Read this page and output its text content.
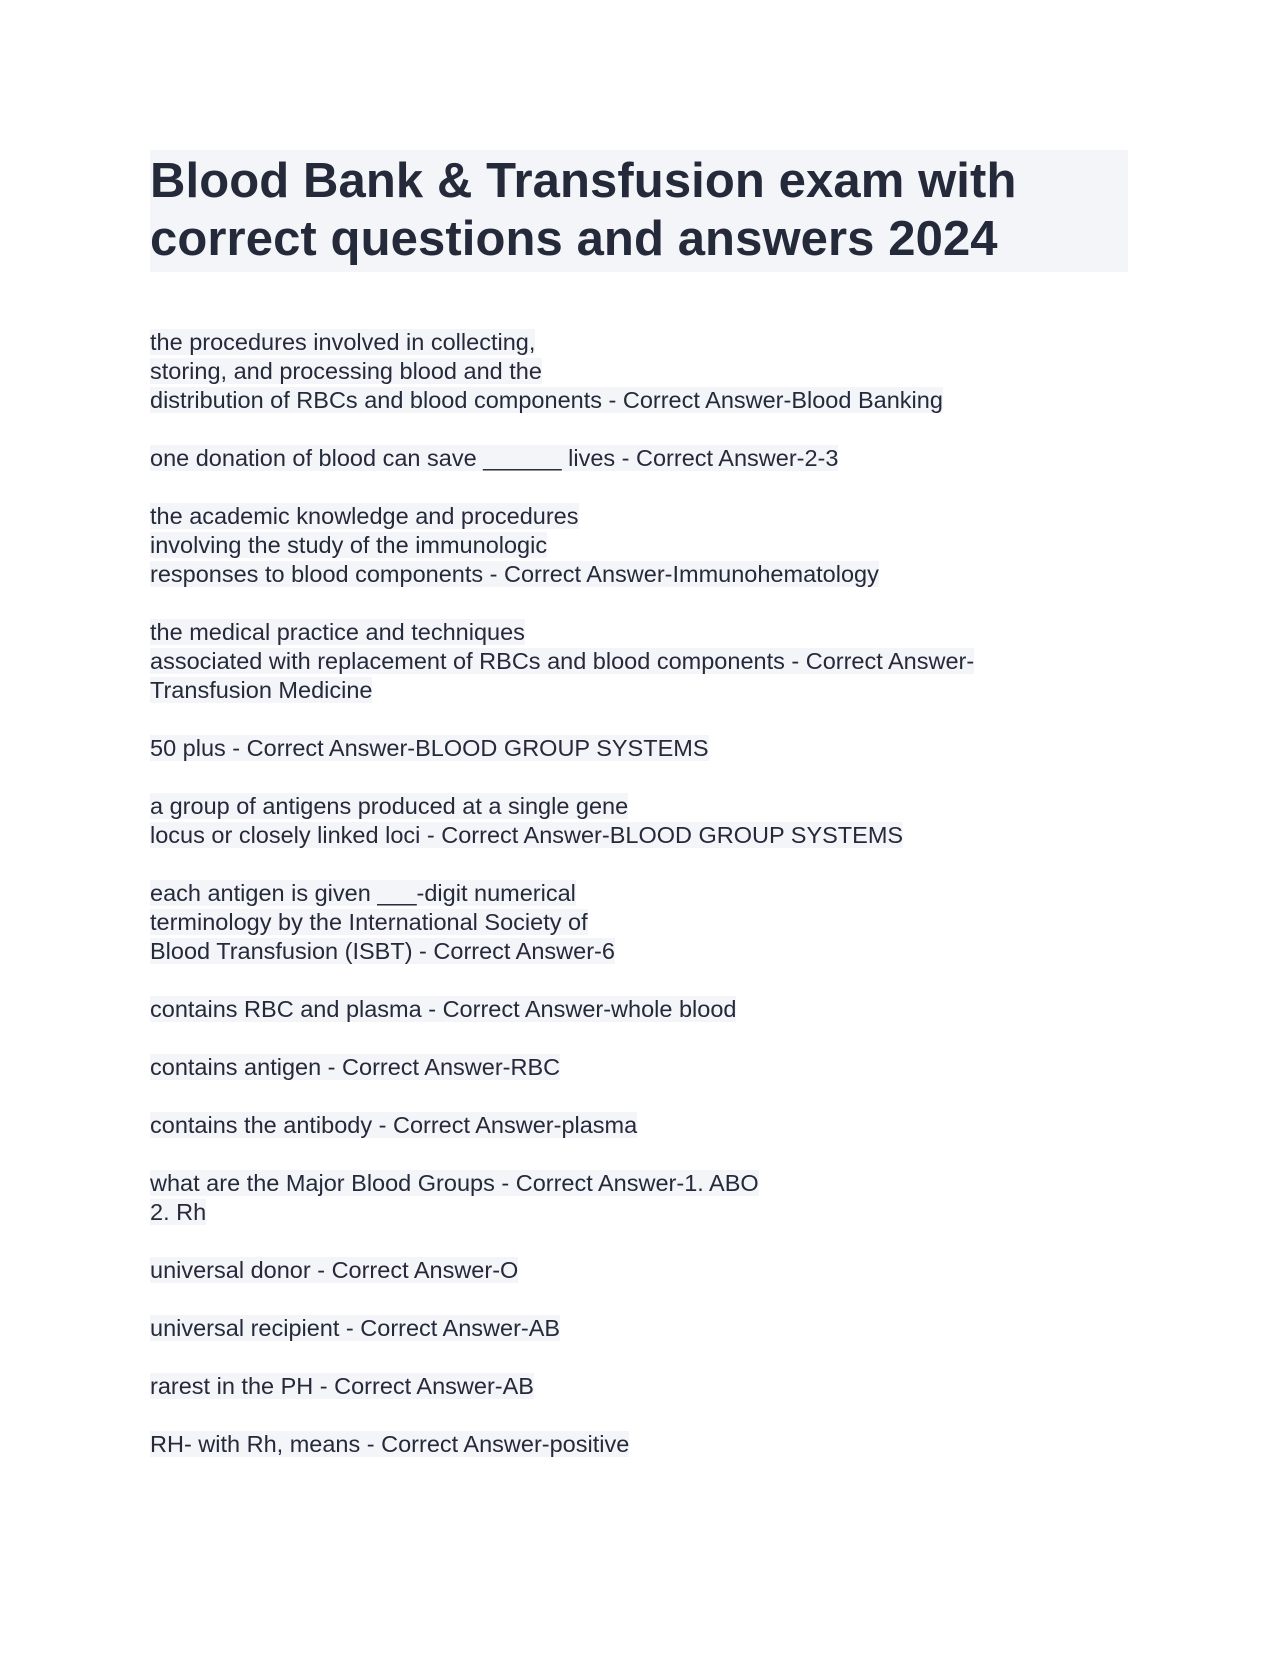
Blood Bank & Transfusion exam with
correct questions and answers 2024

the procedures involved in collecting,
storing, and processing blood and the
distribution of RBCs and blood components - Correct Answer-Blood Banking

one donation of blood can save ______ lives - Correct Answer-2-3

the academic knowledge and procedures
involving the study of the immunologic
responses to blood components - Correct Answer-Immunohematology

the medical practice and techniques
associated with replacement of RBCs and blood components - Correct Answer-
Transfusion Medicine

50 plus - Correct Answer-BLOOD GROUP SYSTEMS

a group of antigens produced at a single gene
locus or closely linked loci - Correct Answer-BLOOD GROUP SYSTEMS

each antigen is given ___-digit numerical
terminology by the International Society of
Blood Transfusion (ISBT) - Correct Answer-6

contains RBC and plasma - Correct Answer-whole blood

contains antigen - Correct Answer-RBC

contains the antibody - Correct Answer-plasma

what are the Major Blood Groups - Correct Answer-1. ABO
2. Rh

universal donor - Correct Answer-O

universal recipient - Correct Answer-AB

rarest in the PH - Correct Answer-AB

RH- with Rh, means - Correct Answer-positive
